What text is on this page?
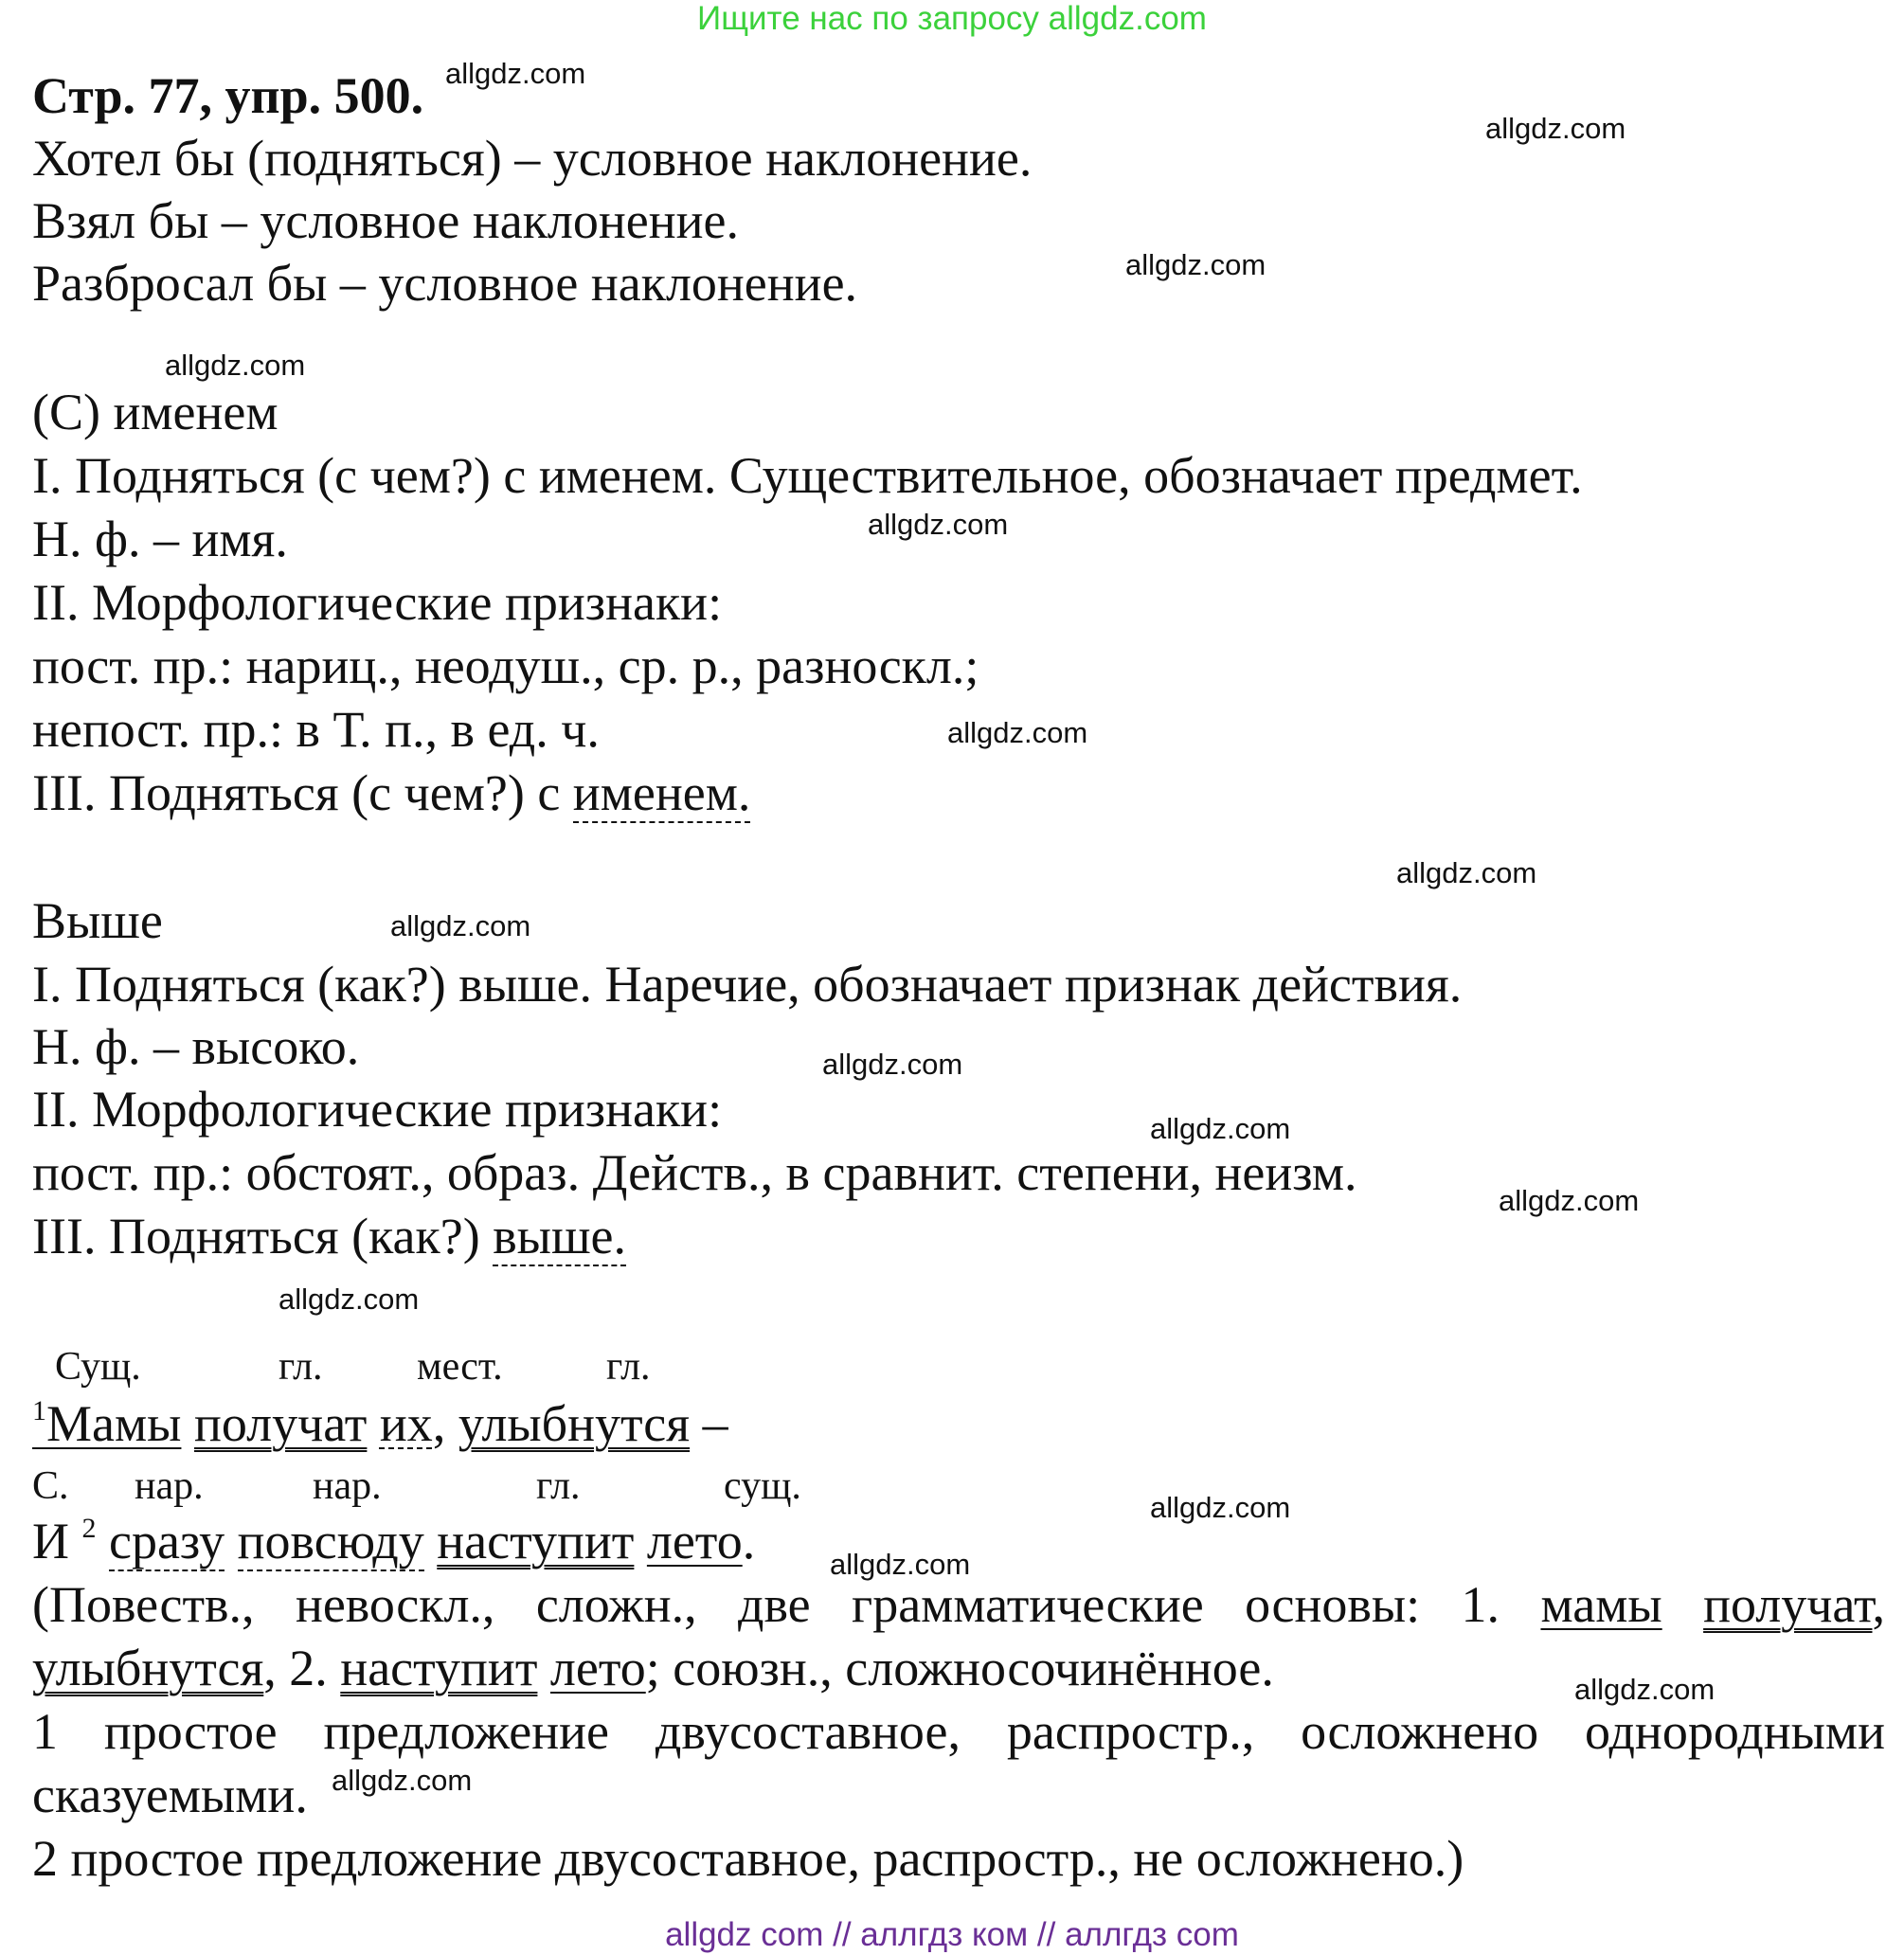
Ищите нас по запросу allgdz.com
Стр. 77, упр. 500.
Хотел бы (подняться) – условное наклонение.
Взял бы – условное наклонение.
Разбросал бы – условное наклонение.
(С) именем
I. Подняться (с чем?) с именем. Существительное, обозначает предмет.
Н. ф. – имя.
II. Морфологические признаки:
пост. пр.: нариц., неодуш., ср. р., разноскл.;
непост. пр.: в Т. п., в ед. ч.
III. Подняться (с чем?) с именем.
Выше
I. Подняться (как?) выше. Наречие, обозначает признак действия.
Н. ф. – высоко.
II. Морфологические признаки:
пост. пр.: обстоят., образ. Действ., в сравнит. степени, неизм.
III. Подняться (как?) выше.
Сущ.	гл. мест.	гл.
$^1$Мамы получат их, улыбнутся –
С. нар.	нар.	гл.	сущ.
И $^2$ сразу повсюду наступит лето.
(Повеств., невоскл., сложн., две грамматические основы: 1. мамы получат,
улыбнутся, 2. наступит лето; союзн., сложносочинённое.
1 простое предложение двусоставное, распростр., осложнено однородными
сказуемыми.
2 простое предложение двусоставное, распростр., не осложнено.)
allgdz.com
allgdz.com
allgdz.com
allgdz.com
allgdz.com
allgdz.com
allgdz.com
allgdz.com
allgdz.com
allgdz.com
allgdz.com
allgdz.com
allgdz.com
allgdz.com
allgdz.com
allgdz.com
allgdz com // аллгдз ком // аллгдз com
